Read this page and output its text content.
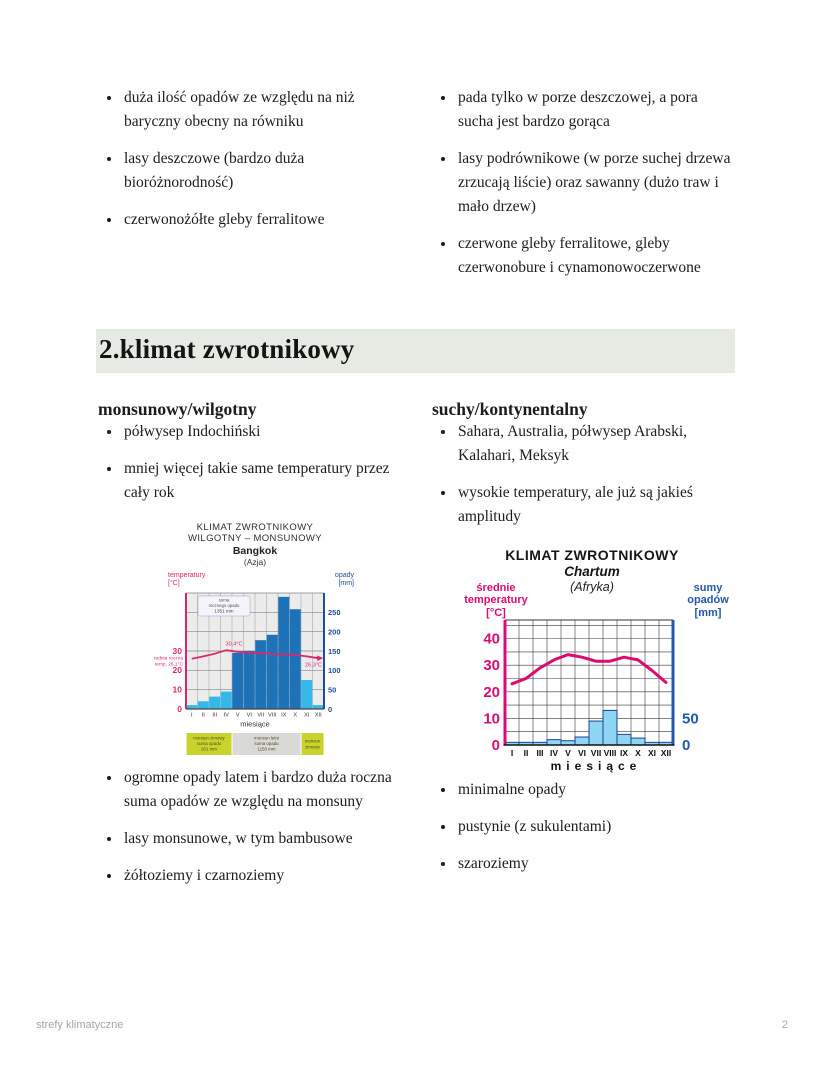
• duża ilość opadów ze względu na niż baryczny obecny na równiku
• lasy deszczowe (bardzo duża bioróżnorodność)
• czerwonożółte gleby ferralitowe
• pada tylko w porze deszczowej, a pora sucha jest bardzo gorąca
• lasy podrównikowe (w porze suchej drzewa zrzucają liście) oraz sawanny (dużo traw i mało drzew)
• czerwone gleby ferralitowe, gleby czerwonobure i cynamonowoczerwone
2.klimat zwrotnikowy
monsunowy/wilgotny
• półwysep Indochiński
• mniej więcej takie same temperatury przez cały rok
KLIMAT ZWROTNIKOWY
WILGOTNY – MONSUNOWY
Bangkok
(Azja)
temperatury
[°C]
opady
[mm]
0
10
20
30
0
50
100
150
200
250
suma
rocznego opadu
1351 mm
30,4°C
26,3°C
średnia roczna
temp. 26,1°C
I II III IV V VI VII VIII IX X XI XII
miesiące
monsun zimowy
suma opadu
201 mm
monsun letni
suma opadu
1150 mm
monsun
zimowy
• ogromne opady latem i bardzo duża roczna suma opadów ze względu na monsuny
• lasy monsunowe, w tym bambusowe
• żółtoziemy i czarnoziemy
suchy/kontynentalny
• Sahara, Australia, półwysep Arabski, Kalahari, Meksyk
• wysokie temperatury, ale już są jakieś amplitudy
KLIMAT ZWROTNIKOWY
Chartum
(Afryka)
średnie
temperatury
[°C]
sumy
opadów
[mm]
40
30
20
10
0
50
0
I II III IV V VI VII VIII IX X XI XII
miesiące
• minimalne opady
• pustynie (z sukulentami)
• szaroziemy
strefy klimatyczne	2
